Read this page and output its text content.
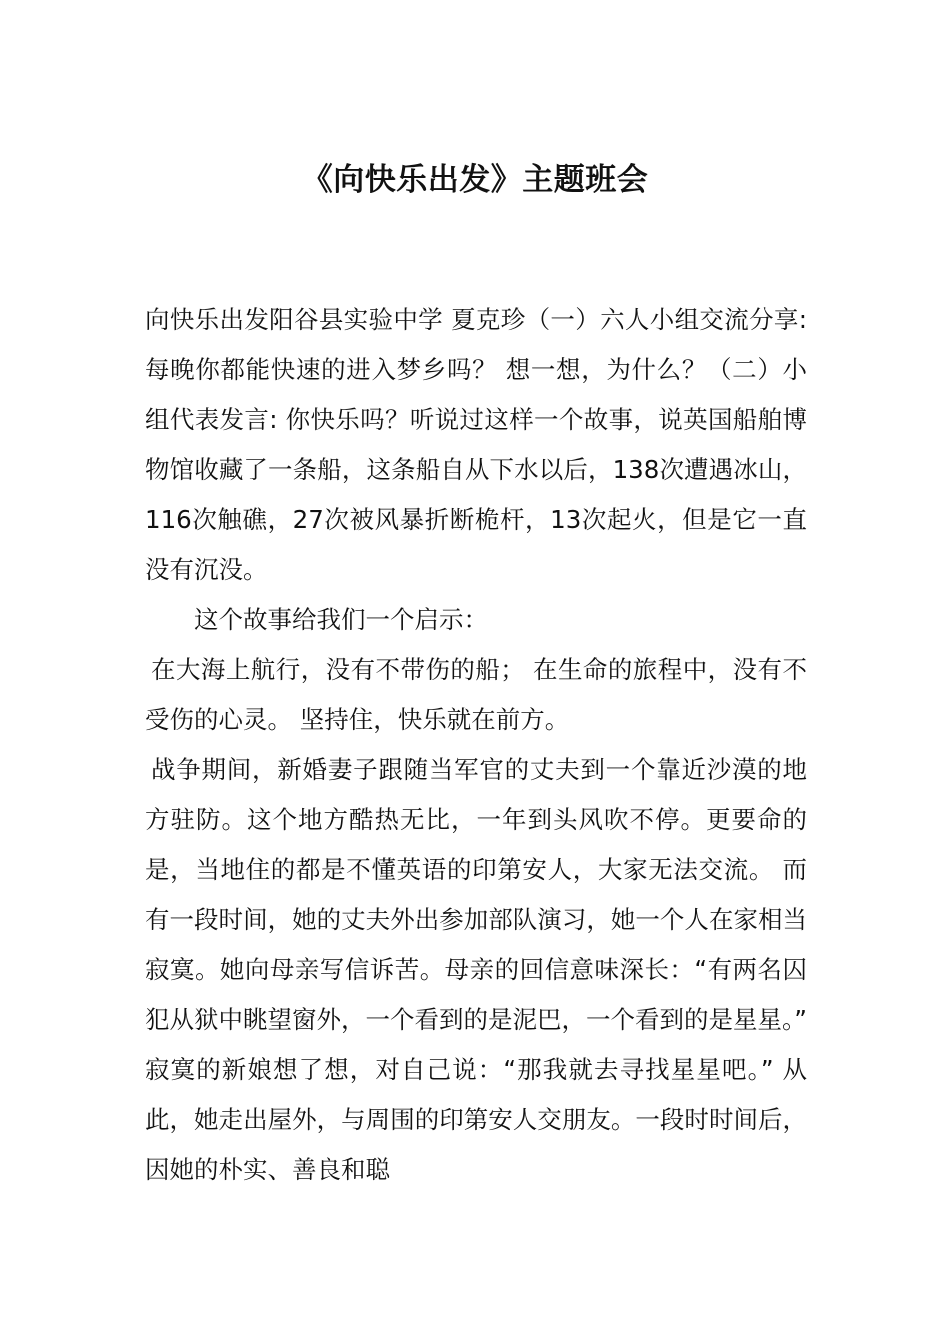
《向快乐出发》主题班会

向快乐出发阳谷县实验中学 夏克珍（一）六人小组交流分享: 每晚你都能快速的进入梦乡吗？ 想一想，为什么？（二）小组代表发言: 你快乐吗？听说过这样一个故事，说英国船舶博物馆收藏了一条船，这条船自从下水以后，138次遭遇冰山，116次触礁，27次被风暴折断桅杆，13次起火，但是它一直没有沉没。

这个故事给我们一个启示：

在大海上航行，没有不带伤的船； 在生命的旅程中，没有不受伤的心灵。 坚持住，快乐就在前方。

战争期间，新婚妻子跟随当军官的丈夫到一个靠近沙漠的地方驻防。这个地方酷热无比，一年到头风吹不停。更要命的是，当地住的都是不懂英语的印第安人，大家无法交流。 而有一段时间，她的丈夫外出参加部队演习，她一个人在家相当寂寞。她向母亲写信诉苦。母亲的回信意味深长：“有两名囚犯从狱中眺望窗外，一个看到的是泥巴，一个看到的是星星。” 寂寞的新娘想了想，对自己说：“那我就去寻找星星吧。” 从此，她走出屋外，与周围的印第安人交朋友。一段时时间后，因她的朴实、善良和聪
